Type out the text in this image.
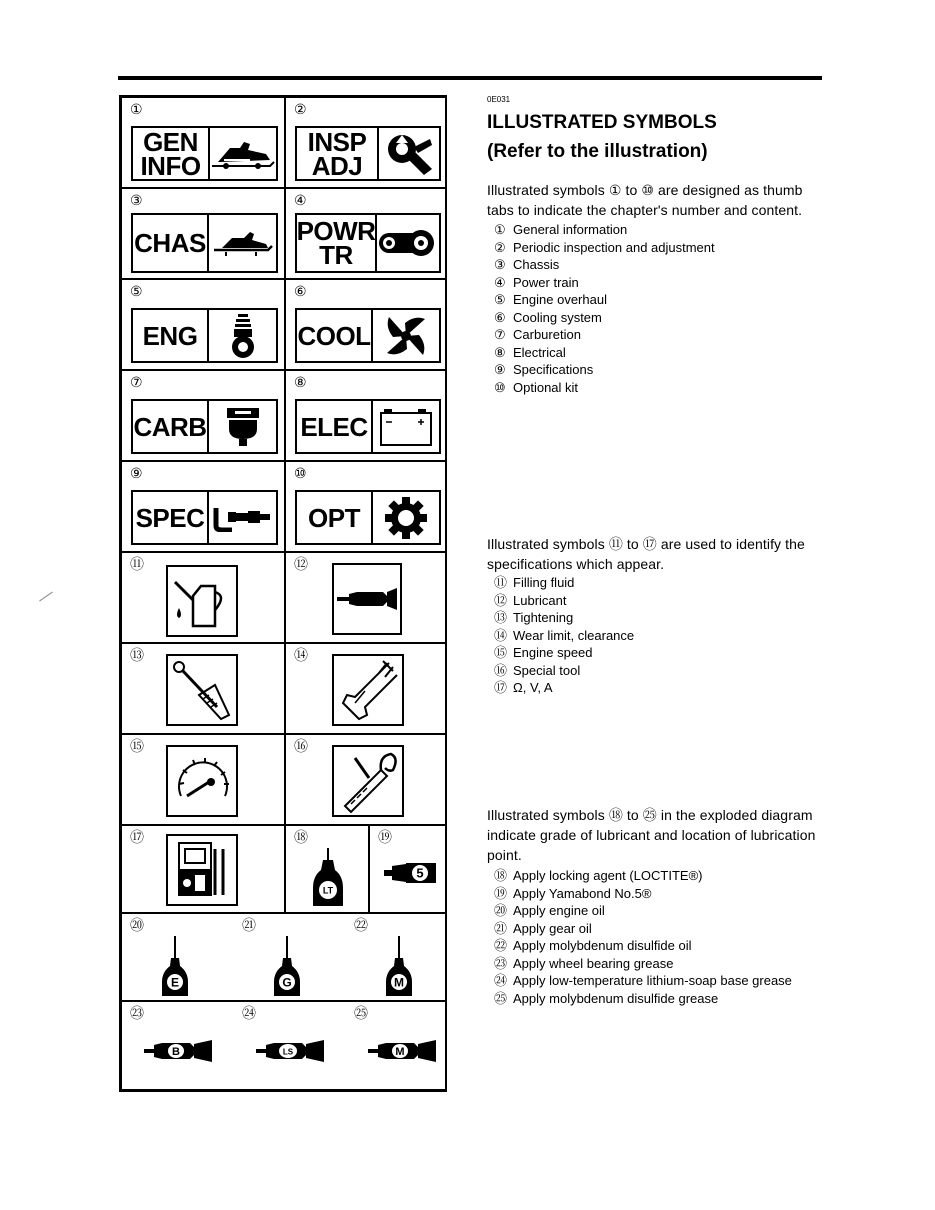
①
GEN
INFO
②
INSP
ADJ
③
CHAS
④
POWR
TR
⑤
ENG
⑥
COOL
⑦
CARB
⑧
ELEC
⑨
SPEC
⑩
OPT
⑪	⑫
⑬	⑭
⑮	⑯
⑰	⑱
LT
⑲
5
⑳	㉑	㉒
E	G	M
㉓	㉔	㉕
B	LS	M
0E031
ILLUSTRATED SYMBOLS
(Refer to the illustration)
Illustrated symbols ① to ⑩ are designed as thumb tabs to indicate the chapter's number and content.
① General information
② Periodic inspection and adjustment
③ Chassis
④ Power train
⑤ Engine overhaul
⑥ Cooling system
⑦ Carburetion
⑧ Electrical
⑨ Specifications
⑩ Optional kit
Illustrated symbols ⑪ to ⑰ are used to identify the specifications which appear.
⑪ Filling fluid
⑫ Lubricant
⑬ Tightening
⑭ Wear limit, clearance
⑮ Engine speed
⑯ Special tool
⑰ Ω, V, A
Illustrated symbols ⑱ to ㉕ in the exploded diagram indicate grade of lubricant and location of lubrication point.
⑱ Apply locking agent (LOCTITE®)
⑲ Apply Yamabond No.5®
⑳ Apply engine oil
㉑ Apply gear oil
㉒ Apply molybdenum disulfide oil
㉓ Apply wheel bearing grease
㉔ Apply low-temperature lithium-soap base grease
㉕ Apply molybdenum disulfide grease
